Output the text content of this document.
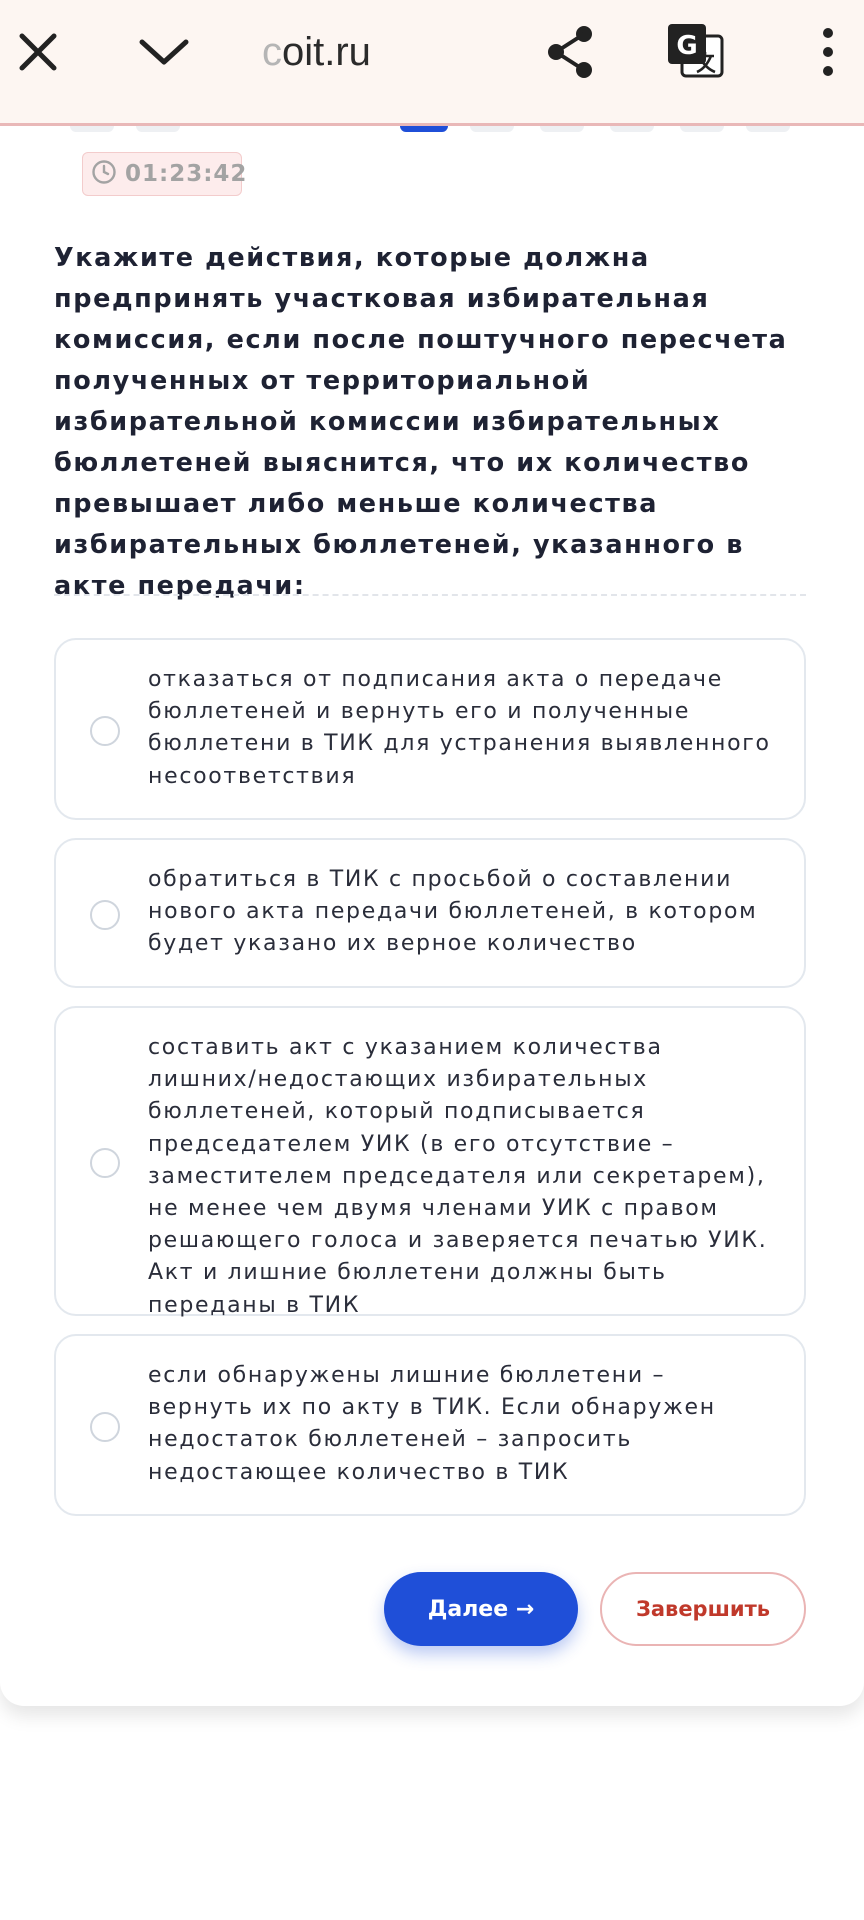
coit.ru	G
01:23:42
Укажите действия, которые должна предпринять участковая избирательная комиссия, если после поштучного пересчета полученных от территориальной избирательной комиссии избирательных бюллетеней выяснится, что их количество превышает либо меньше количества избирательных бюллетеней, указанного в акте передачи:
отказаться от подписания акта о передаче бюллетеней и вернуть его и полученные бюллетени в ТИК для устранения выявленного несоответствия
обратиться в ТИК с просьбой о составлении нового акта передачи бюллетеней, в котором будет указано их верное количество
составить акт с указанием количества лишних/недостающих избирательных бюллетеней, который подписывается председателем УИК (в его отсутствие – заместителем председателя или секретарем), не менее чем двумя членами УИК с правом решающего голоса и заверяется печатью УИК. Акт и лишние бюллетени должны быть переданы в ТИК
если обнаружены лишние бюллетени – вернуть их по акту в ТИК. Если обнаружен недостаток бюллетеней – запросить недостающее количество в ТИК
Далее →	Завершить
